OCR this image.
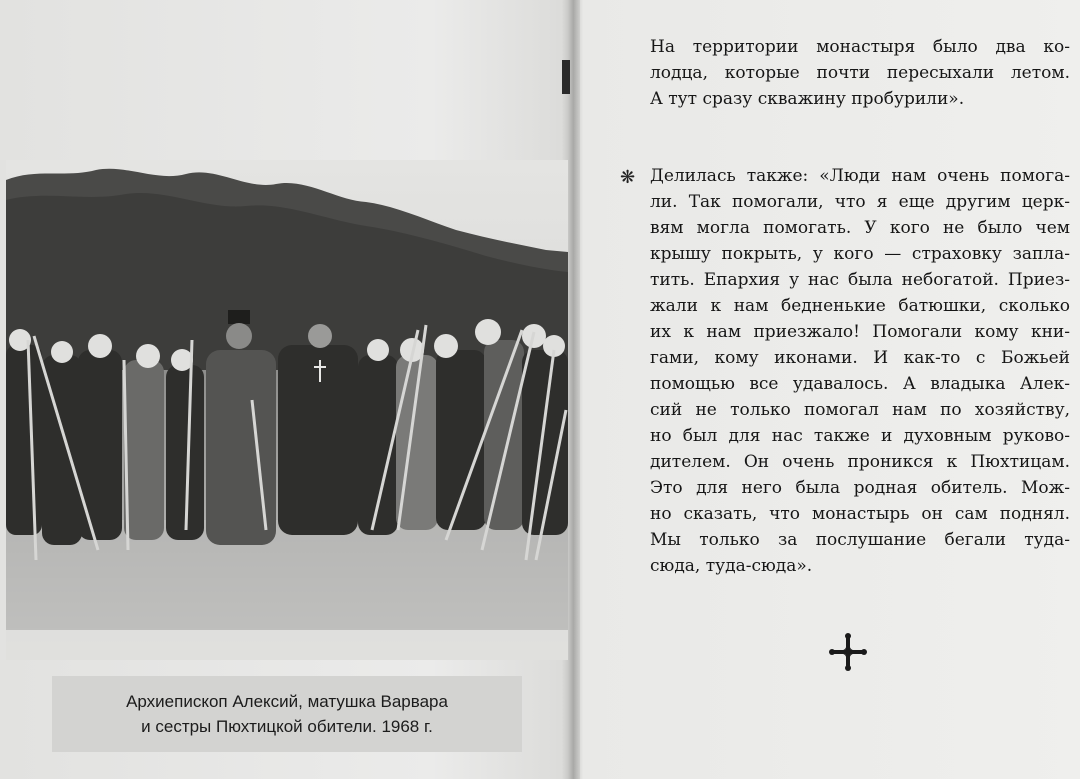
Архиепископ Алексий, матушка Варвара
и сестры Пюхтицкой обители. 1968 г.
На территории монастыря было два ко-
лодца, которые почти пересыхали летом.
А тут сразу скважину пробурили».
❋ Делилась также: «Люди нам очень помога-
ли. Так помогали, что я еще другим церк-
вям могла помогать. У кого не было чем
крышу покрыть, у кого — страховку запла-
тить. Епархия у нас была небогатой. Приез-
жали к нам бедненькие батюшки, сколько
их к нам приезжало! Помогали кому кни-
гами, кому иконами. И как-то с Божьей
помощью все удавалось. А владыка Алек-
сий не только помогал нам по хозяйству,
но был для нас также и духовным руково-
дителем. Он очень проникся к Пюхтицам.
Это для него была родная обитель. Мож-
но сказать, что монастырь он сам поднял.
Мы только за послушание бегали туда-
сюда, туда-сюда».
